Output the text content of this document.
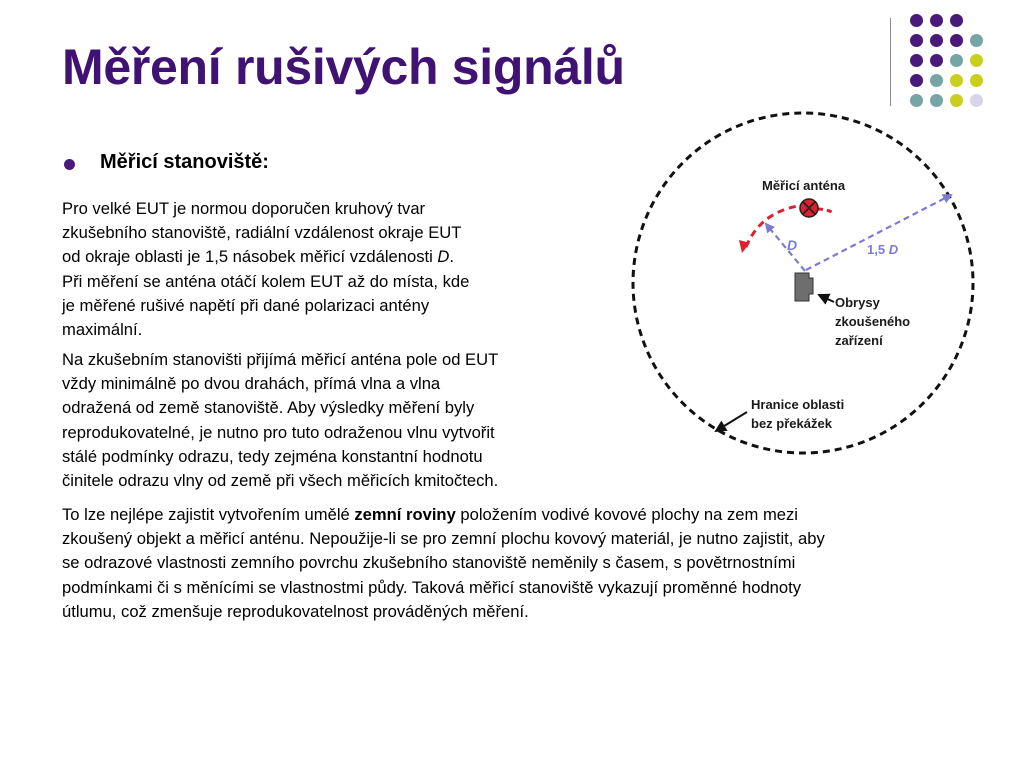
Měření rušivých signálů
Měřicí stanoviště:
Pro velké EUT je normou doporučen kruhový tvar
zkušebního stanoviště, radiální vzdálenost okraje EUT
od okraje oblasti je 1,5 násobek měřicí vzdálenosti D.
Při měření se anténa otáčí kolem EUT až do místa, kde
je měřené rušivé napětí při dané polarizaci antény
maximální.
Na zkušebním stanovišti přijímá měřicí anténa pole od EUT
vždy minimálně po dvou drahách, přímá vlna a vlna
odražená od země stanoviště. Aby výsledky měření byly
reprodukovatelné, je nutno pro tuto odraženou vlnu vytvořit
stálé podmínky odrazu, tedy zejména konstantní hodnotu
činitele odrazu vlny od země při všech měřicích kmitočtech.
To lze nejlépe zajistit vytvořením umělé zemní roviny položením vodivé kovové plochy na zem mezi
zkoušený objekt a měřicí anténu. Nepoužije-li se pro zemní plochu kovový materiál, je nutno zajistit, aby
se odrazové vlastnosti zemního povrchu zkušebního stanoviště neměnily s časem, s povětrnostními
podmínkami či s měnícími se vlastnostmi půdy. Taková měřicí stanoviště vykazují proměnné hodnoty
útlumu, což zmenšuje reprodukovatelnost prováděných měření.
Měřicí anténa
D	1,5 D
Obrysy
zkoušeného
zařízení
Hranice oblasti
bez překážek
